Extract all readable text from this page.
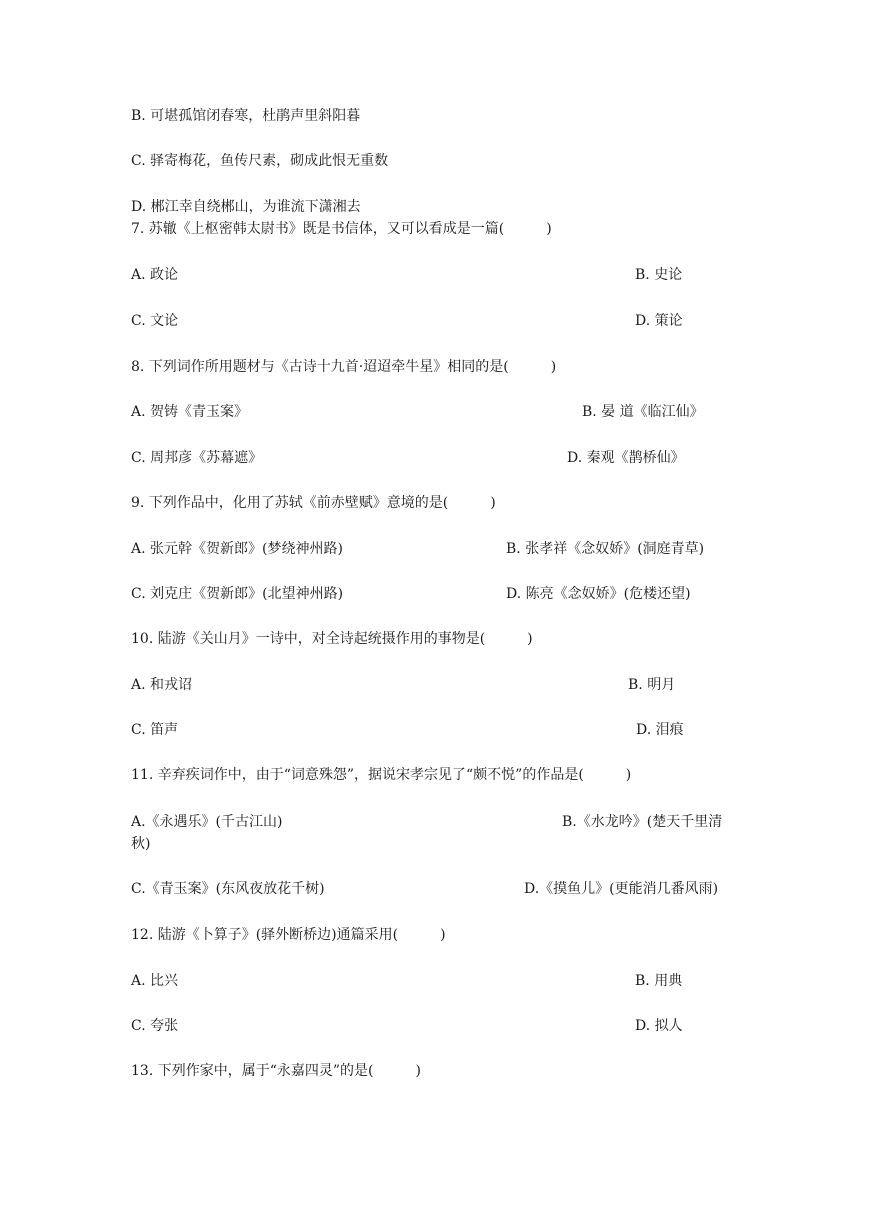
B. 可堪孤馆闭春寒，杜鹃声里斜阳暮
C. 驿寄梅花，鱼传尺素，砌成此恨无重数
D. 郴江幸自绕郴山，为谁流下潇湘去
7. 苏辙《上枢密韩太尉书》既是书信体，又可以看成是一篇(　　　)
A. 政论	B. 史论
C. 文论	D. 策论
8. 下列词作所用题材与《古诗十九首·迢迢牵牛星》相同的是(　　　)
A. 贺铸《青玉案》	B. 晏 道《临江仙》
C. 周邦彦《苏幕遮》	D. 秦观《鹊桥仙》
9. 下列作品中，化用了苏轼《前赤壁赋》意境的是(　　　)
A. 张元幹《贺新郎》(梦绕神州路)	B. 张孝祥《念奴娇》(洞庭青草)
C. 刘克庄《贺新郎》(北望神州路)	D. 陈亮《念奴娇》(危楼还望)
10. 陆游《关山月》一诗中，对全诗起统摄作用的事物是(　　　)
A. 和戎诏	B. 明月
C. 笛声	D. 泪痕
11. 辛弃疾词作中，由于“词意殊怨”，据说宋孝宗见了“颇不悦”的作品是(　　　)
A.《永遇乐》(千古江山)	B.《水龙吟》(楚天千里清
秋)
C.《青玉案》(东风夜放花千树)	D.《摸鱼儿》(更能消几番风雨)
12. 陆游《卜算子》(驿外断桥边)通篇采用(　　　)
A. 比兴	B. 用典
C. 夸张	D. 拟人
13. 下列作家中，属于“永嘉四灵”的是(　　　)
